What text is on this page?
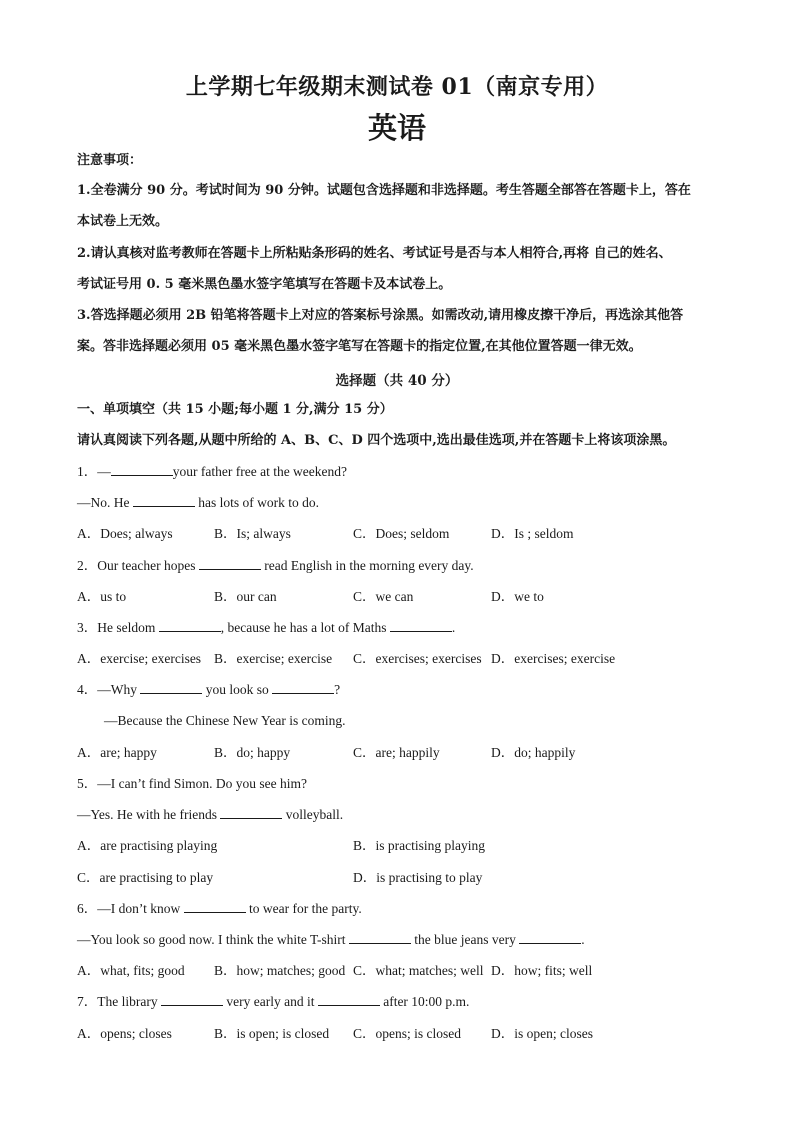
上学期七年级期末测试卷 01（南京专用）
英语
注意事项：
1.全卷满分 90 分。考试时间为 90 分钟。试题包含选择题和非选择题。考生答题全部答在答题卡上，答在
本试卷上无效。
2.请认真核对监考教师在答题卡上所粘贴条形码的姓名、考试证号是否与本人相符合,再将 自己的姓名、
考试证号用 0. 5 毫米黑色墨水签字笔填写在答题卡及本试卷上。
3.答选择题必须用 2B 铅笔将答题卡上对应的答案标号涂黑。如需改动,请用橡皮擦干净后，再选涂其他答
案。答非选择题必须用 05 毫米黑色墨水签字笔写在答题卡的指定位置,在其他位置答题一律无效。
选择题（共 40 分）
一、单项填空（共 15 小题;每小题 1 分,满分 15 分）
请认真阅读下列各题,从题中所给的 A、B、C、D 四个选项中,选出最佳选项,并在答题卡上将该项涂黑。
1．—	your father free at the weekend?
—No. He	has lots of work to do.
A．Does; always	B．Is; always	C．Does; seldom	D．Is ; seldom
2．Our teacher hopes	read English in the morning every day.
A．us to	B．our can	C．we can	D．we to
3．He seldom	, because he has a lot of Maths	.
A．exercise; exercises B．exercise; exercise C．exercises; exercises D．exercises; exercise
4．—Why	you look so	?
—Because the Chinese New Year is coming.
A．are; happy	B．do; happy	C．are; happily	D．do; happily
5．—I can’t find Simon. Do you see him?
—Yes. He with he friends	volleyball.
A．are practising playing	B．is practising playing
C．are practising to play	D．is practising to play
6．—I don’t know	to wear for the party.
—You look so good now. I think the white T-shirt	the blue jeans very	.
A．what, fits; good B．how; matches; good C．what; matches; well D．how; fits; well
7．The library	very early and it	after 10:00 p.m.
A．opens; closes	B．is open; is closed C．opens; is closed D．is open; closes
